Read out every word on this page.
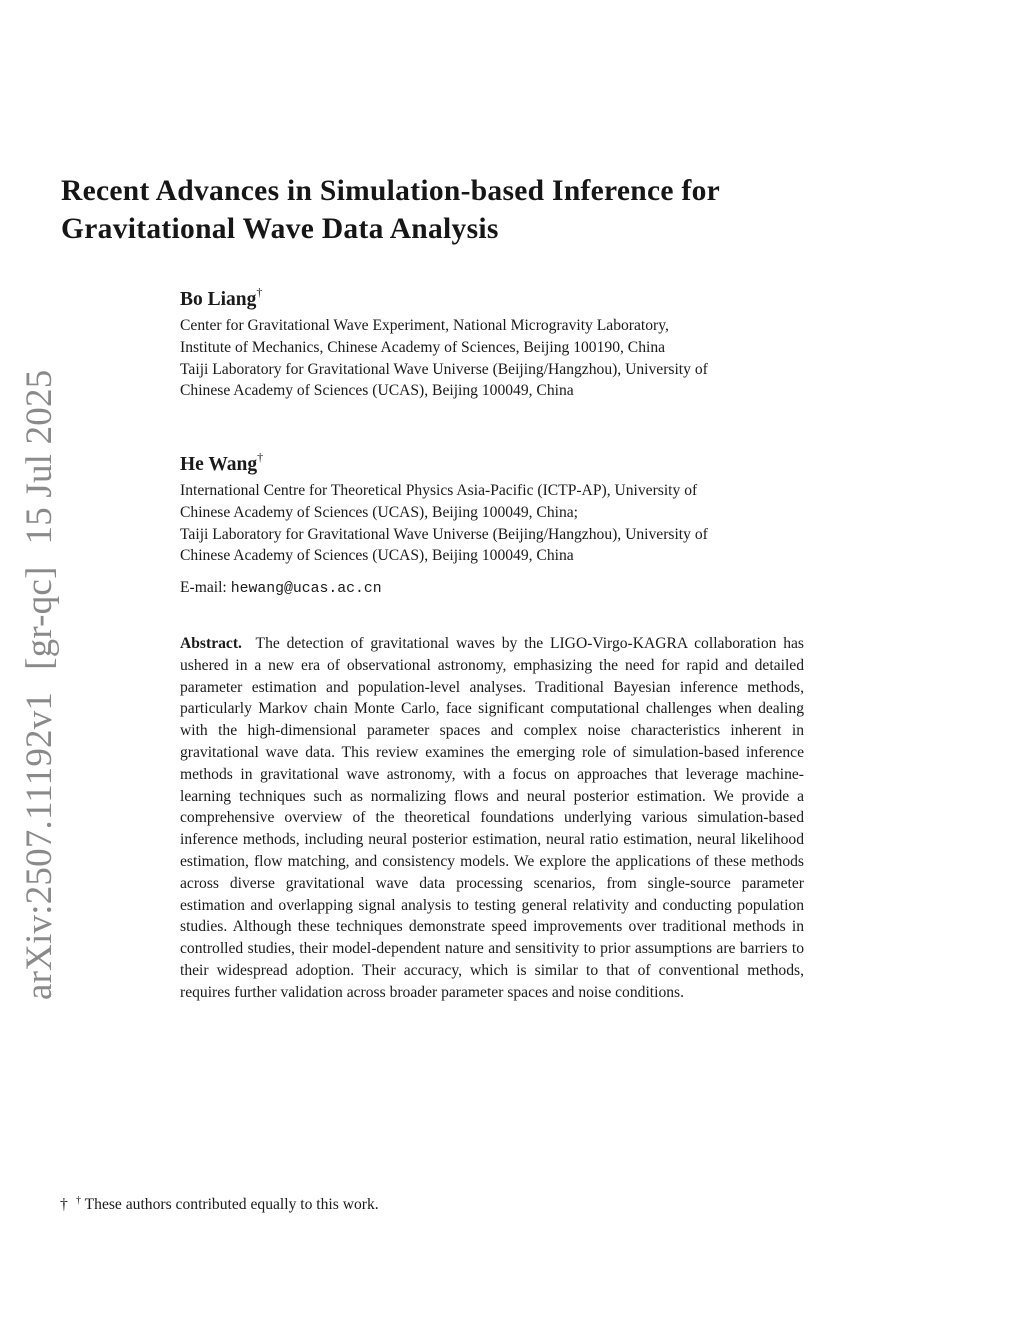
arXiv:2507.11192v1[gr-qc]15 Jul 2025
Recent Advances in Simulation-based Inference for
Gravitational Wave Data Analysis
Bo Liang†
Center for Gravitational Wave Experiment, National Microgravity Laboratory,
Institute of Mechanics, Chinese Academy of Sciences, Beijing 100190, China
Taiji Laboratory for Gravitational Wave Universe (Beijing/Hangzhou), University of
Chinese Academy of Sciences (UCAS), Beijing 100049, China
He Wang†
International Centre for Theoretical Physics Asia-Pacific (ICTP-AP), University of
Chinese Academy of Sciences (UCAS), Beijing 100049, China;
Taiji Laboratory for Gravitational Wave Universe (Beijing/Hangzhou), University of
Chinese Academy of Sciences (UCAS), Beijing 100049, China
E-mail: hewang@ucas.ac.cn
Abstract. The detection of gravitational waves by the LIGO-Virgo-KAGRA collaboration has ushered in a new era of observational astronomy, emphasizing the need for rapid and detailed parameter estimation and population-level analyses. Traditional Bayesian inference methods, particularly Markov chain Monte Carlo, face significant computational challenges when dealing with the high-dimensional parameter spaces and complex noise characteristics inherent in gravitational wave data. This review examines the emerging role of simulation-based inference methods in gravitational wave astronomy, with a focus on approaches that leverage machine-learning techniques such as normalizing flows and neural posterior estimation. We provide a comprehensive overview of the theoretical foundations underlying various simulation-based inference methods, including neural posterior estimation, neural ratio estimation, neural likelihood estimation, flow matching, and consistency models. We explore the applications of these methods across diverse gravitational wave data processing scenarios, from single-source parameter estimation and overlapping signal analysis to testing general relativity and conducting population studies. Although these techniques demonstrate speed improvements over traditional methods in controlled studies, their model-dependent nature and sensitivity to prior assumptions are barriers to their widespread adoption. Their accuracy, which is similar to that of conventional methods, requires further validation across broader parameter spaces and noise conditions.
† † These authors contributed equally to this work.
